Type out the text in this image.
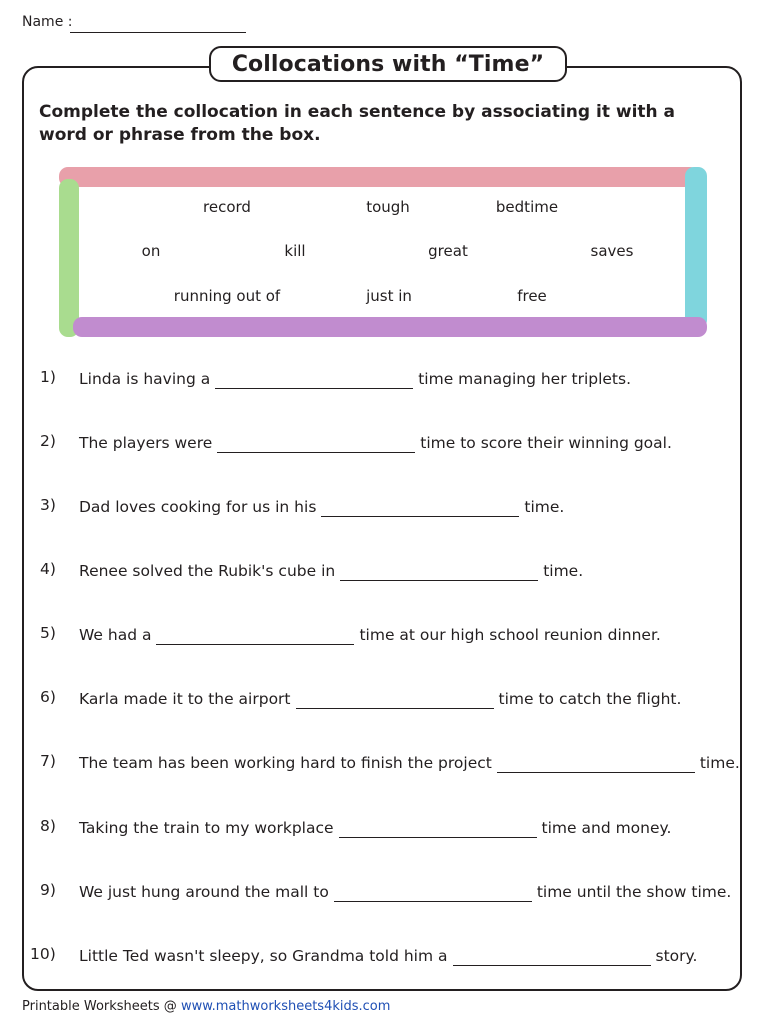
Name :
Collocations with “Time”
Complete the collocation in each sentence by associating it with a word or phrase from the box.
record	tough	bedtime
on	kill	great	saves
running out of	just in	free
1) Linda is having a	time managing her triplets.
2) The players were	time to score their winning goal.
3) Dad loves cooking for us in his	time.
4) Renee solved the Rubik's cube in	time.
5) We had a	time at our high school reunion dinner.
6) Karla made it to the airport	time to catch the flight.
7) The team has been working hard to finish the project	time.
8) Taking the train to my workplace	time and money.
9) We just hung around the mall to	time until the show time.
10) Little Ted wasn't sleepy, so Grandma told him a	story.
Printable Worksheets @ www.mathworksheets4kids.com
